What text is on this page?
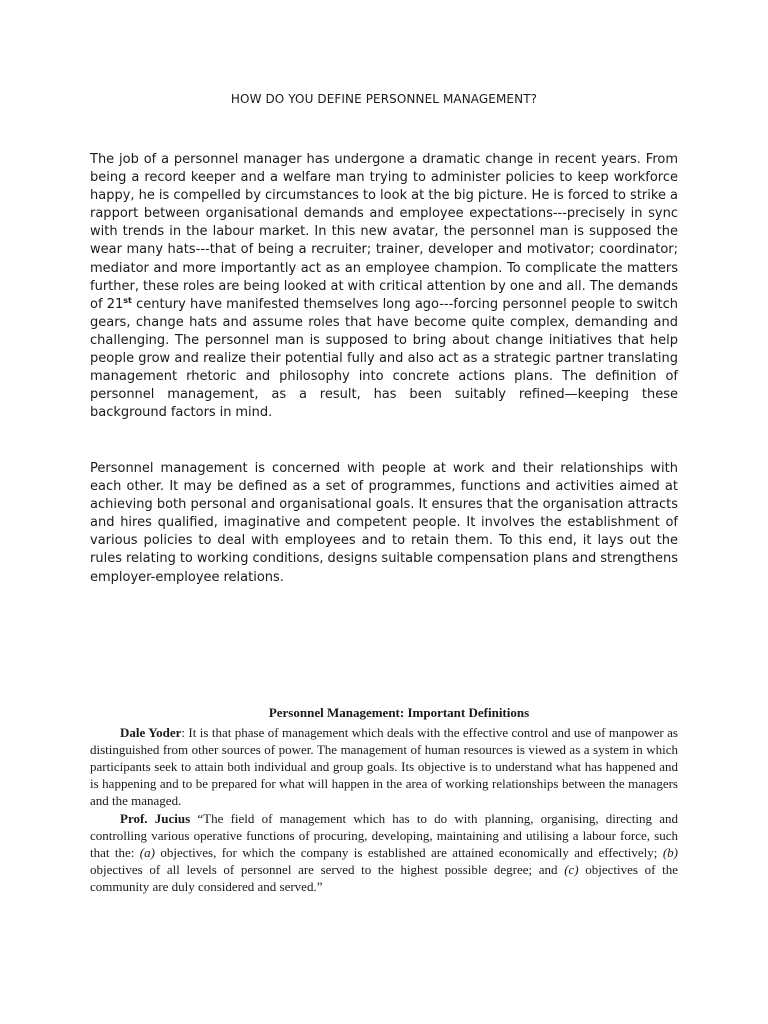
HOW DO YOU DEFINE PERSONNEL MANAGEMENT?

The job of a personnel manager has undergone a dramatic change in recent years. From being a record keeper and a welfare man trying to administer policies to keep workforce happy, he is compelled by circumstances to look at the big picture. He is forced to strike a rapport between organisational demands and employee expectations---precisely in sync with trends in the labour market. In this new avatar, the personnel man is supposed the wear many hats---that of being a recruiter; trainer, developer and motivator; coordinator; mediator and more importantly act as an employee champion. To complicate the matters further, these roles are being looked at with critical attention by one and all. The demands of 21st century have manifested themselves long ago---forcing personnel people to switch gears, change hats and assume roles that have become quite complex, demanding and challenging. The personnel man is supposed to bring about change initiatives that help people grow and realize their potential fully and also act as a strategic partner translating management rhetoric and philosophy into concrete actions plans. The definition of personnel management, as a result, has been suitably refined—keeping these background factors in mind.

Personnel management is concerned with people at work and their relationships with each other. It may be defined as a set of programmes, functions and activities aimed at achieving both personal and organisational goals. It ensures that the organisation attracts and hires qualified, imaginative and competent people. It involves the establishment of various policies to deal with employees and to retain them. To this end, it lays out the rules relating to working conditions, designs suitable compensation plans and strengthens employer-employee relations.

Personnel Management: Important Definitions

Dale Yoder: It is that phase of management which deals with the effective control and use of manpower as distinguished from other sources of power. The management of human resources is viewed as a system in which participants seek to attain both individual and group goals. Its objective is to understand what has happened and is happening and to be prepared for what will happen in the area of working relationships between the managers and the managed.

Prof. Jucius “The field of management which has to do with planning, organising, directing and controlling various operative functions of procuring, developing, maintaining and utilising a labour force, such that the: (a) objectives, for which the company is established are attained economically and effectively; (b) objectives of all levels of personnel are served to the highest possible degree; and (c) objectives of the community are duly considered and served.”
